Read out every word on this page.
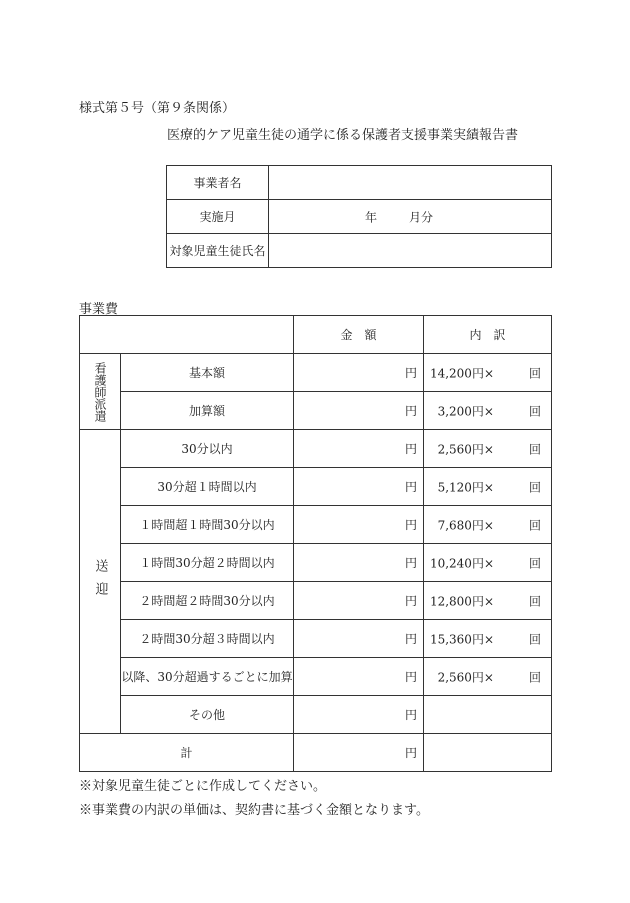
様式第５号（第９条関係）
医療的ケア児童生徒の通学に係る保護者支援事業実績報告書
事業者名	
実施月	年 月分

対象児童生徒氏名	
事業費
		金　額	内　訳
看護師派遣	基本額	円	14,200円× 回

	加算額	円	3,200円× 回

送迎	30分以内	円	2,560円× 回

	30分超１時間以内	円	5,120円× 回

	１時間超１時間30分以内	円	7,680円× 回

	１時間30分超２時間以内	円	10,240円× 回

	２時間超２時間30分以内	円	12,800円× 回

	２時間30分超３時間以内	円	15,360円× 回

	以降、30分超過するごとに加算	円	2,560円× 回

	その他	円	
計		円	
※対象児童生徒ごとに作成してください。
※事業費の内訳の単価は、契約書に基づく金額となります。
